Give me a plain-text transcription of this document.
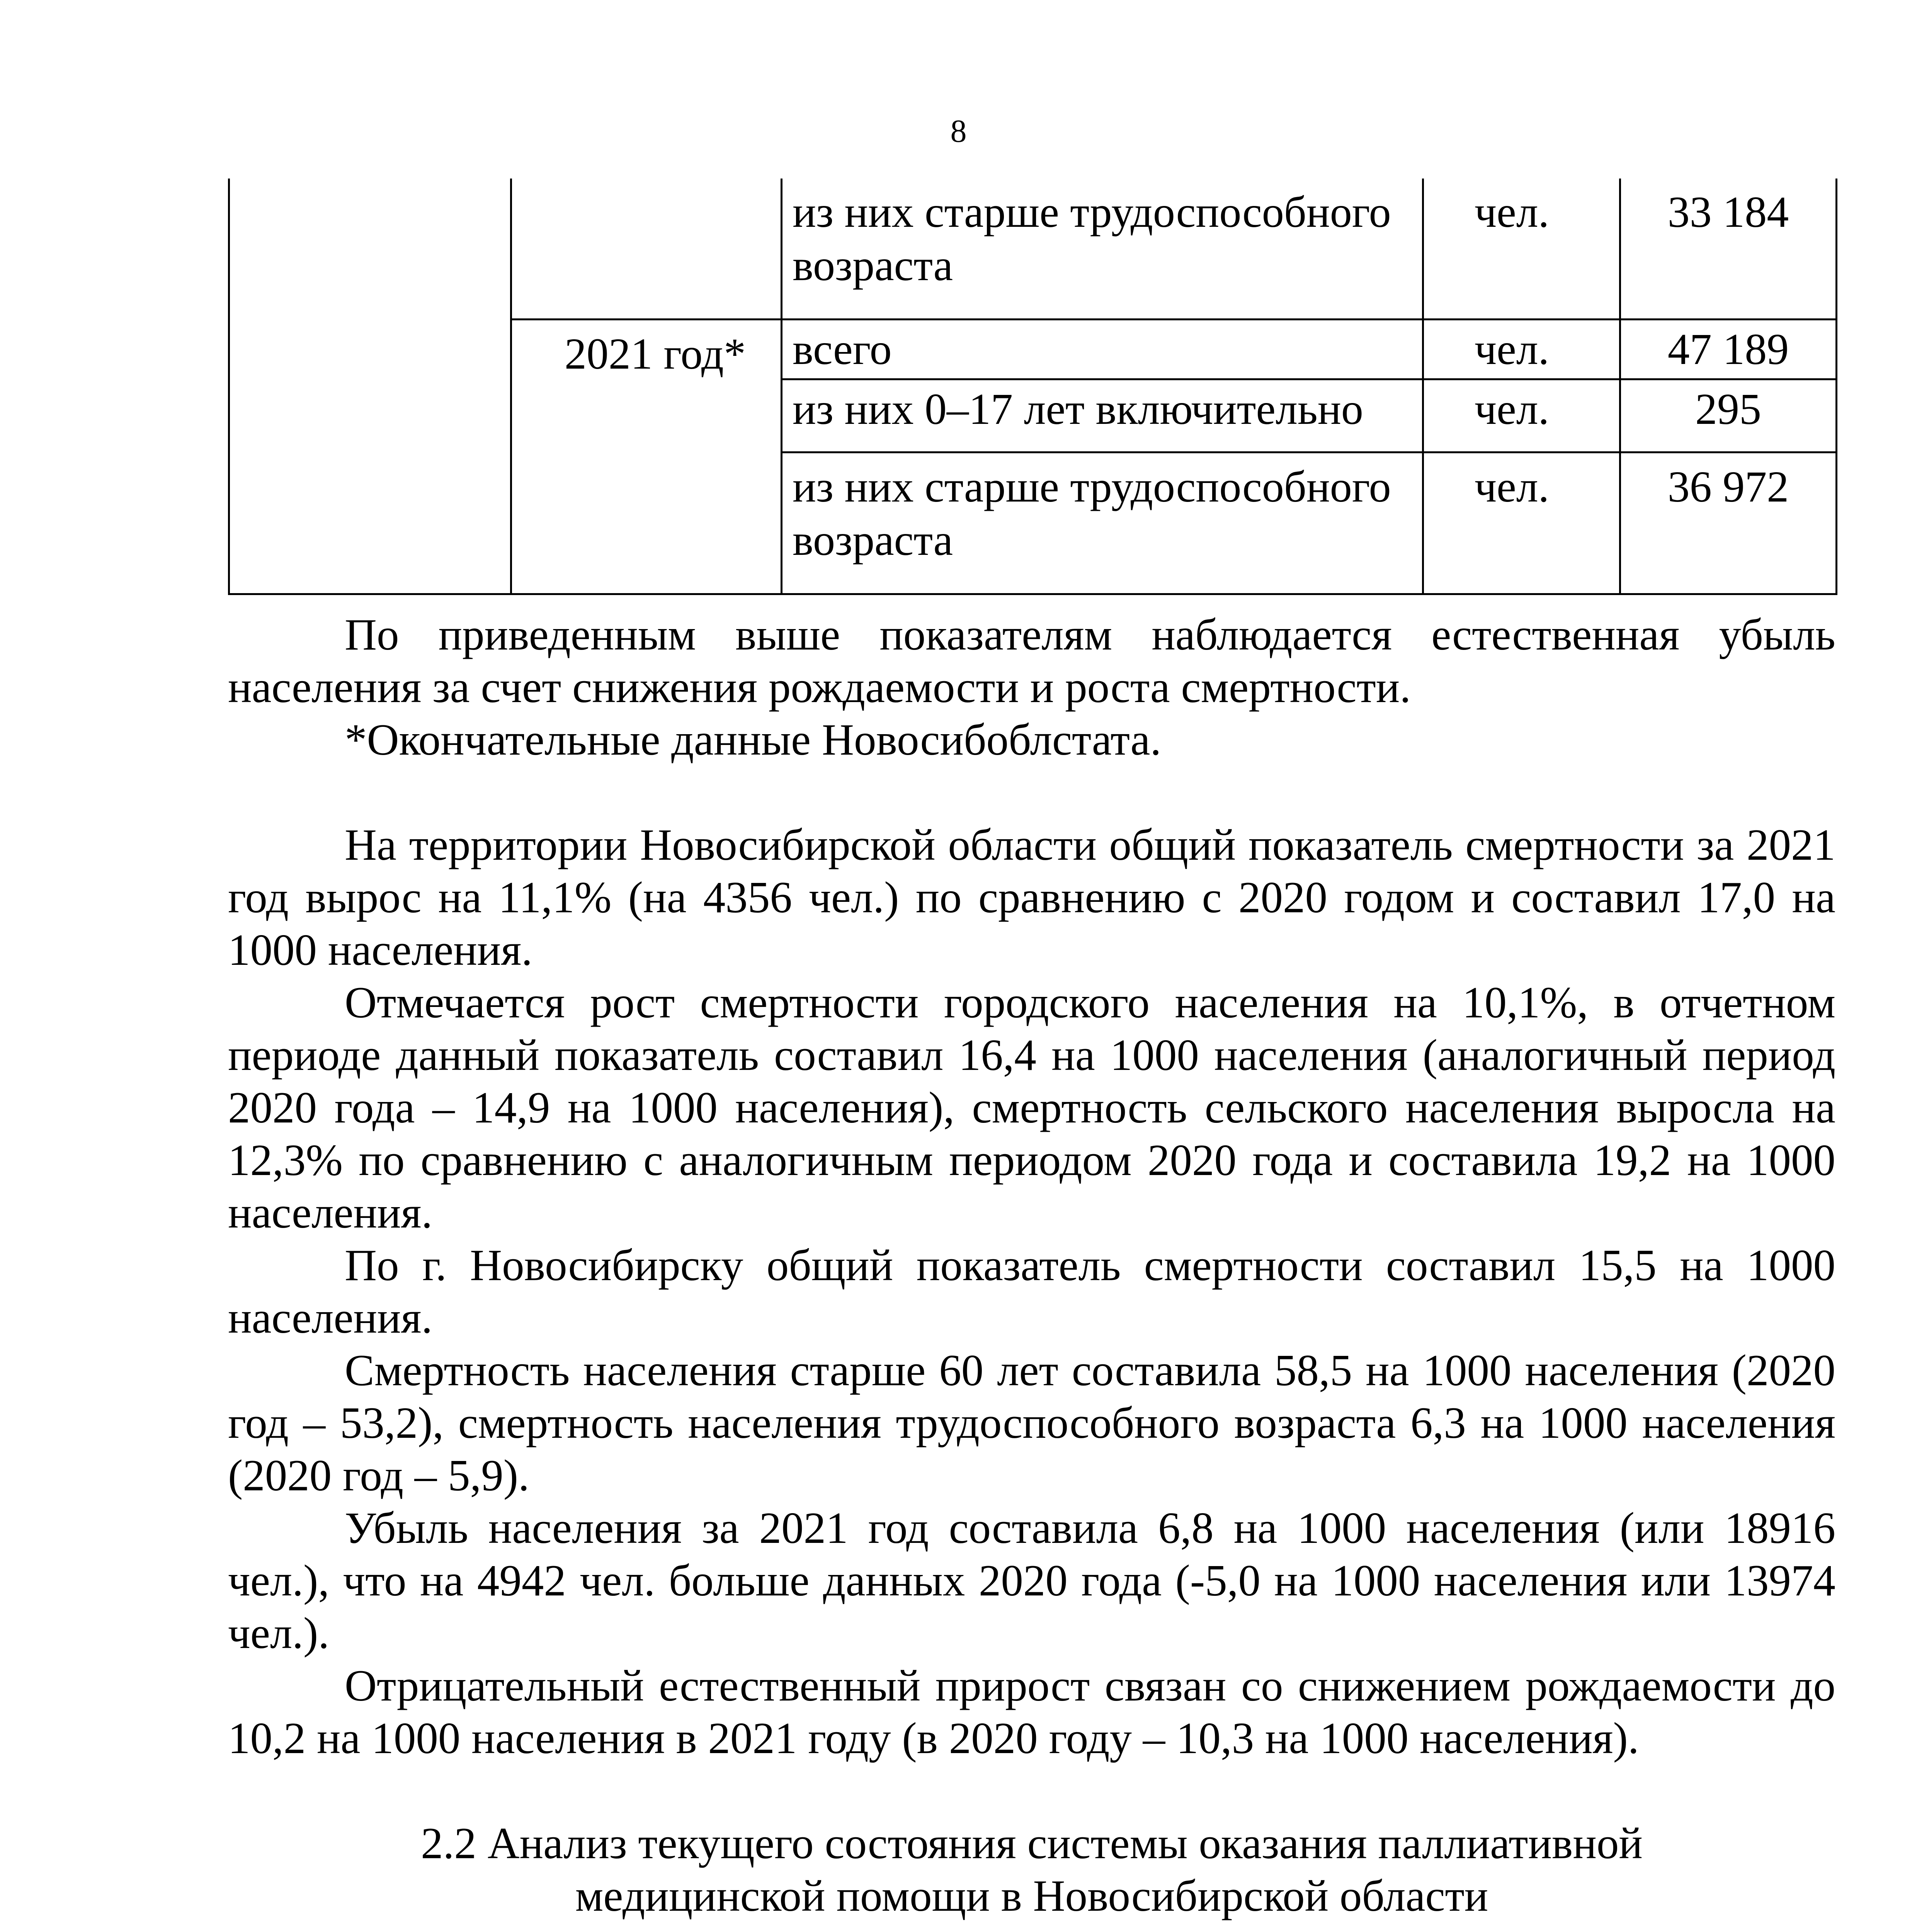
8
		из них старше трудоспособного возраста	чел.	33 184
	2021 год*	всего	чел.	47 189
		из них 0–17 лет включительно	чел.	295
		из них старше трудоспособного возраста	чел.	36 972

По приведенным выше показателям наблюдается естественная убыль населения за счет снижения рождаемости и роста смертности.

*Окончательные данные Новосибоблстата.

На территории Новосибирской области общий показатель смертности за 2021 год вырос на 11,1% (на 4356 чел.) по сравнению с 2020 годом и составил 17,0 на 1000 населения.

Отмечается рост смертности городского населения на 10,1%, в отчетном периоде данный показатель составил 16,4 на 1000 населения (аналогичный период 2020 года – 14,9 на 1000 населения), смертность сельского населения выросла на 12,3% по сравнению с аналогичным периодом 2020 года и составила 19,2 на 1000 населения.

По г. Новосибирску общий показатель смертности составил 15,5 на 1000 населения.

Смертность населения старше 60 лет составила 58,5 на 1000 населения (2020 год – 53,2), смертность населения трудоспособного возраста 6,3 на 1000 населения (2020 год – 5,9).

Убыль населения за 2021 год составила 6,8 на 1000 населения (или 18916 чел.), что на 4942 чел. больше данных 2020 года (-5,0 на 1000 населения или 13974 чел.).

Отрицательный естественный прирост связан со снижением рождаемости до 10,2 на 1000 населения в 2021 году (в 2020 году – 10,3 на 1000 населения).

2.2 Анализ текущего состояния системы оказания паллиативной медицинской помощи в Новосибирской области
